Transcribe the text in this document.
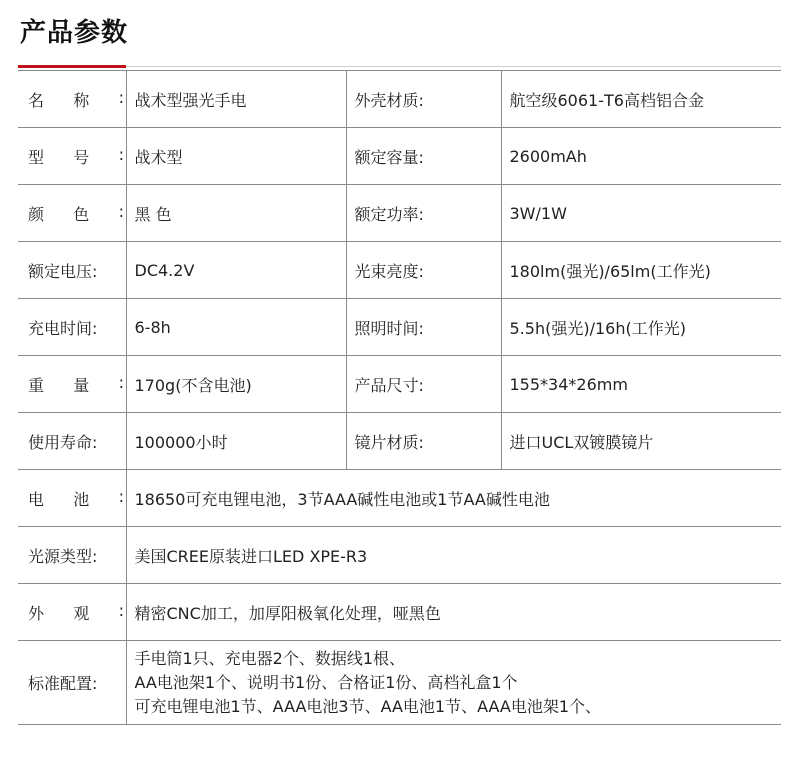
产品参数
名 称 :	战术型强光手电	外壳材质:	航空级6061-T6高档铝合金

型 号 :	战术型	额定容量:	2600mAh

颜 色 :	黑 色	额定功率:	3W/1W
额定电压:	DC4.2V	光束亮度:	180lm(强光)/65lm(工作光)
充电时间:	6-8h	照明时间:	5.5h(强光)/16h(工作光)

重 量 :	170g(不含电池)	产品尺寸:	155*34*26mm
使用寿命:	100000小时	镜片材质:	进口UCL双镀膜镜片

电 池 :	18650可充电锂电池，3节AAA碱性电池或1节AA碱性电池		
光源类型:	美国CREE原装进口LED XPE-R3		

外 观 :	精密CNC加工，加厚阳极氧化处理，哑黑色		
标准配置:	手电筒1只、充电器2个、数据线1根、
AA电池架1个、说明书1份、合格证1份、高档礼盒1个
可充电锂电池1节、AAA电池3节、AA电池1节、AAA电池架1个、		
